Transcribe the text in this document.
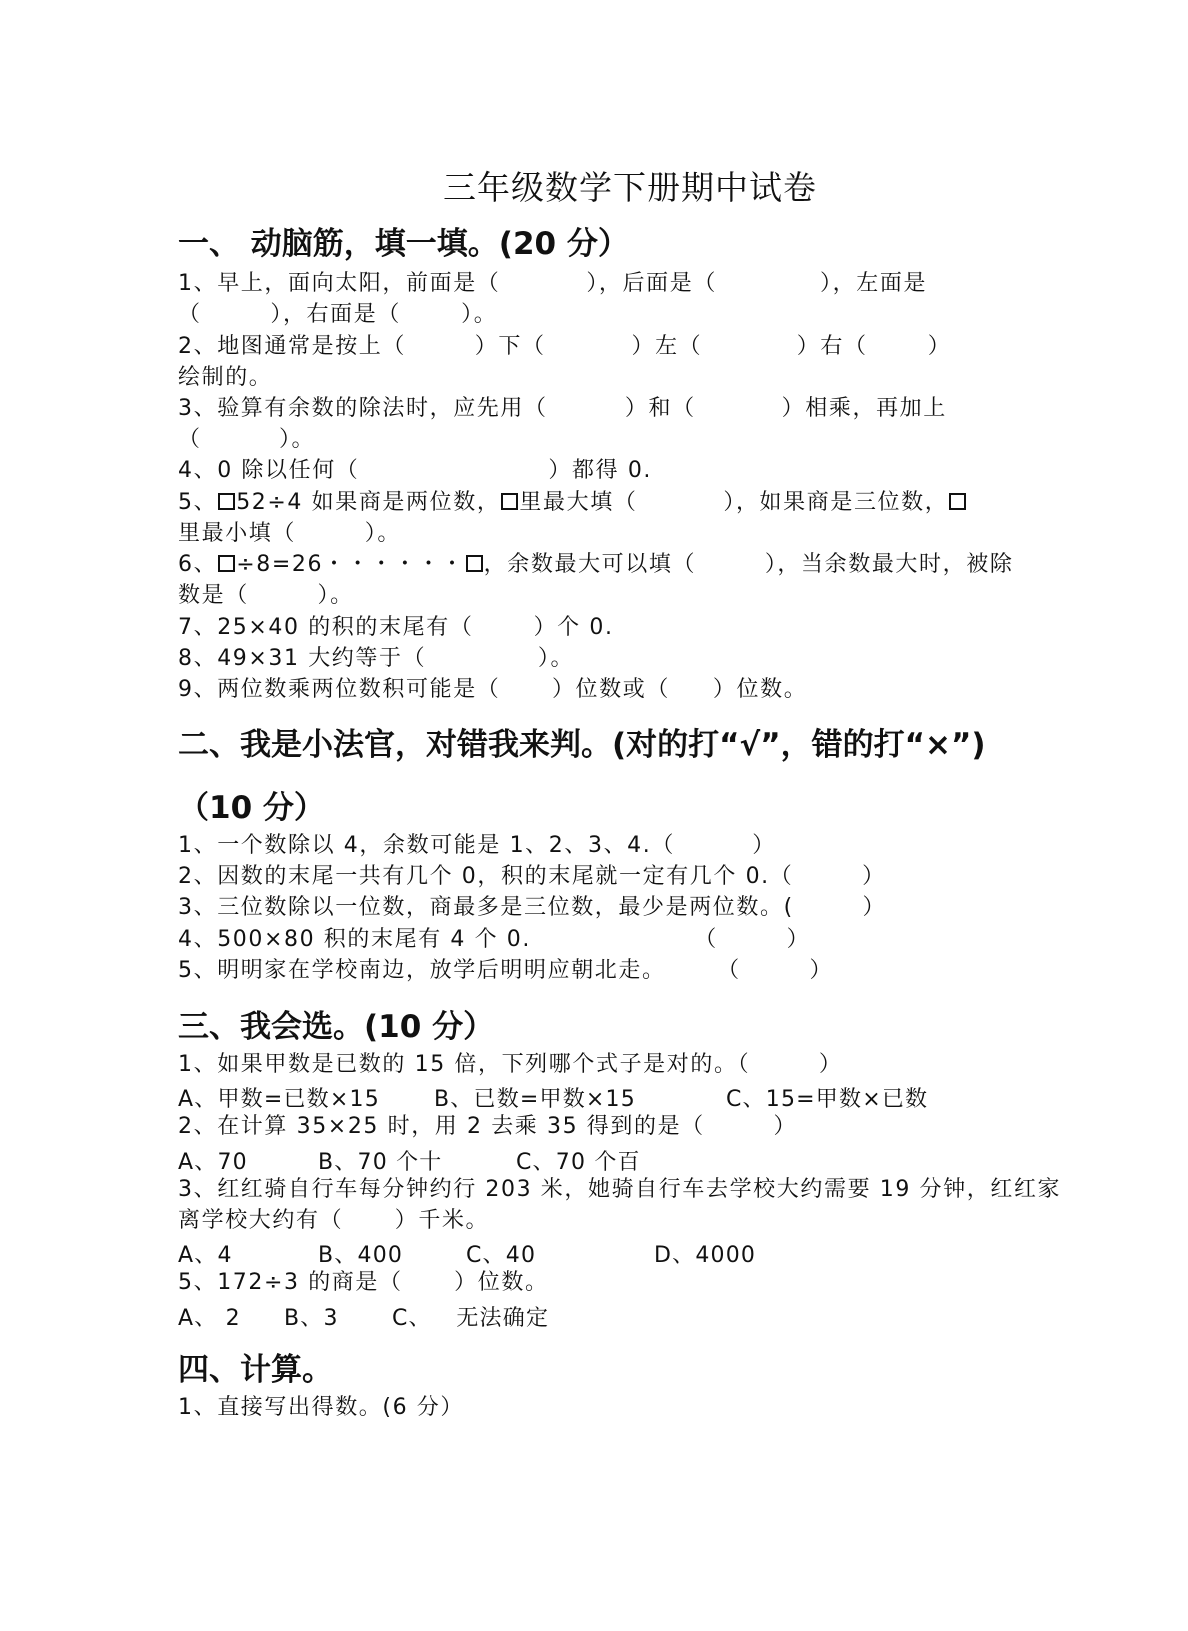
三年级数学下册期中试卷
一、 动脑筋，填一填。(20 分）
1、早上，面向太阳，前面是（          ），后面是（            ），左面是
（        ），右面是（       ）。
2、地图通常是按上（        ）下（          ）左（           ）右（       ）
绘制的。
3、验算有余数的除法时，应先用（         ）和（          ）相乘，再加上
（         ）。
4、0 除以任何（                      ）都得 0.
5、 52÷4 如果商是两位数， 里最大填（          ），如果商是三位数，
里最小填（        ）。
6、 ÷8=26・・・・・・ ，余数最大可以填（        ），当余数最大时，被除
数是（        ）。
7、25×40 的积的末尾有（       ）个 0.
8、49×31 大约等于（             ）。
9、两位数乘两位数积可能是（      ）位数或（     ）位数。
二、我是小法官，对错我来判。(对的打“√”，错的打“×”)
（10 分）
1、一个数除以 4，余数可能是 1、2、3、4.（         ）
2、因数的末尾一共有几个 0，积的末尾就一定有几个 0.（        ）
3、三位数除以一位数，商最多是三位数，最少是两位数。(        ）
4、500×80 积的末尾有 4 个 0.                   （        ）
5、明明家在学校南边，放学后明明应朝北走。      （        ）
三、我会选。(10 分）
1、如果甲数是已数的 15 倍，下列哪个式子是对的。（        ）
A、甲数=已数×15 B、已数=甲数×15	C、15=甲数×已数
2、在计算 35×25 时，用 2 去乘 35 得到的是（        ）
A、70	B、70 个十	C、70 个百
3、红红骑自行车每分钟约行 203 米，她骑自行车去学校大约需要 19 分钟，红红家
离学校大约有（      ）千米。
A、4	B、400	C、40	D、4000
5、172÷3 的商是（      ）位数。
A、 2 B、3 C、   无法确定
四、计算。
1、直接写出得数。(6 分）
